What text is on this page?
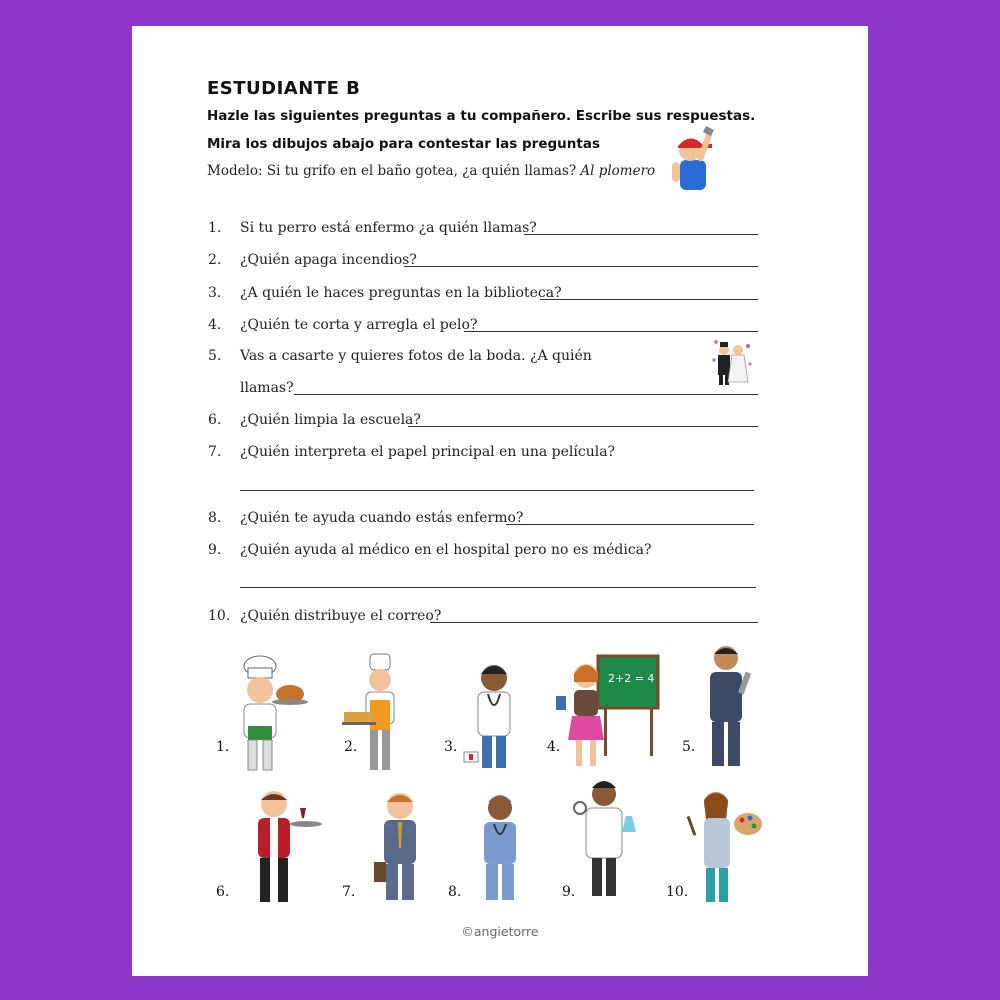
ESTUDIANTE B
Hazle las siguientes preguntas a tu compañero. Escribe sus respuestas.
Mira los dibujos abajo para contestar las preguntas
Modelo: Si tu grifo en el baño gotea, ¿a quién llamas? Al plomero
1. Si tu perro está enfermo ¿a quién llamas?
2. ¿Quién apaga incendios?
3. ¿A quién le haces preguntas en la biblioteca?
4. ¿Quién te corta y arregla el pelo?
5. Vas a casarte y quieres fotos de la boda. ¿A quién
llamas?
6. ¿Quién limpia la escuela?
7. ¿Quién interpreta el papel principal en una película?
8. ¿Quién te ayuda cuando estás enfermo?
9. ¿Quién ayuda al médico en el hospital pero no es médica?
10. ¿Quién distribuye el correo?
2+2 = 4
1.	2.	3.	4.	5.
6.	7.	8.	9.	10.
©angietorre
